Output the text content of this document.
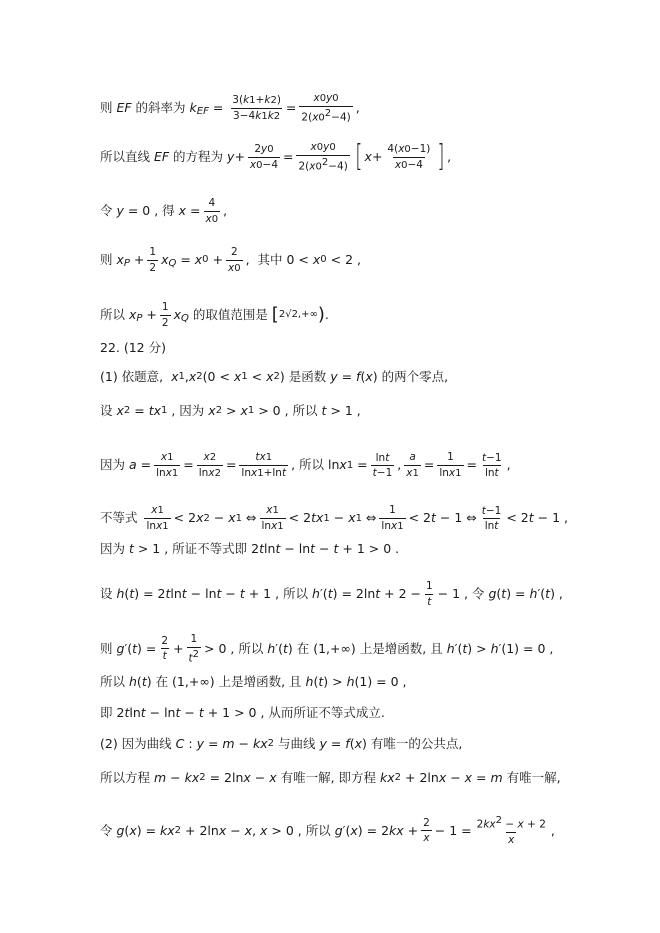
则 EF 的斜率为 k EF = $\frac{3(k1+k2)}{3-4k1k2} = \frac{x0y0}{2(x0^2-4)}$ ,
所以直线 EF 的方程为 $y + \frac{2y0}{x0-4} = \frac{x0y0}{2(x0^2-4)}$ [ $x + \frac{4(x0-1)}{x0-4}$ ] ,
令 y = 0 , 得 $x = \frac{4}{x0}$ ,
则 x $P + \frac{1}{2}$ x Q = x $0 + \frac{2}{x0}$ ,  其中 0 < x 0 < 2 ,
所以 x $P + \frac{1}{2}$ x Q 的取值范围是 [ 2√2,+∞ ) .
22. (12 分)
(1) 依题意, x 1 , x 2 (0 < x 1 < x 2 ) 是函数 y = f ( x ) 的两个零点,
设 x 2 = tx 1 , 因为 x 2 > x 1 > 0 , 所以 t > 1 ,
因为 $a = \frac{x1}{\ln x1} = \frac{x2}{\ln x2} = \frac{tx1}{\ln x1+\ln t}$ , 所以 ln x $1 = \frac{\ln t}{t-1}$ , $\frac{a}{x1} = \frac{1}{\ln x1} = \frac{t-1}{\ln t}$ ,
不等式 $\frac{x1}{\ln x1} < 2$ x 2 − x 1 ⇔ $\frac{x1}{\ln x1} < 2$ tx 1 − x 1 ⇔ $\frac{1}{\ln x1} < 2$ t − 1 ⇔ $\frac{t-1}{\ln t} < 2$ t − 1 ,
因为 t > 1 , 所证不等式即 2 t ln t − ln t − t + 1 > 0 .
设 h ( t ) = 2 t ln t − ln t − t + 1 , 所以 h ′( t ) = 2ln $t + 2 - \frac{1}{t} - 1$ , 令 g ( t ) = h ′( t ) ,
则 g ′( t ) = $\frac{2}{t} + \frac{1}{t^2} > 0$ , 所以 h ′( t ) 在 (1,+∞) 上是增函数, 且 h ′( t ) > h ′(1) = 0 ,
所以 h ( t ) 在 (1,+∞) 上是增函数, 且 h ( t ) > h (1) = 0 ,
即 2 t ln t − ln t − t + 1 > 0 , 从而所证不等式成立.
(2) 因为曲线 C : y = m − kx 2 与曲线 y = f ( x ) 有唯一的公共点,
所以方程 m − kx 2 = 2ln x − x 有唯一解, 即方程 kx 2 + 2ln x − x = m 有唯一解,
令 g ( x ) = kx 2 + 2ln x − x , x > 0 , 所以 g ′( x ) = 2 kx + $\frac{2}{x} - 1 = \frac{2kx^2 - x + 2}{x}$ ,
